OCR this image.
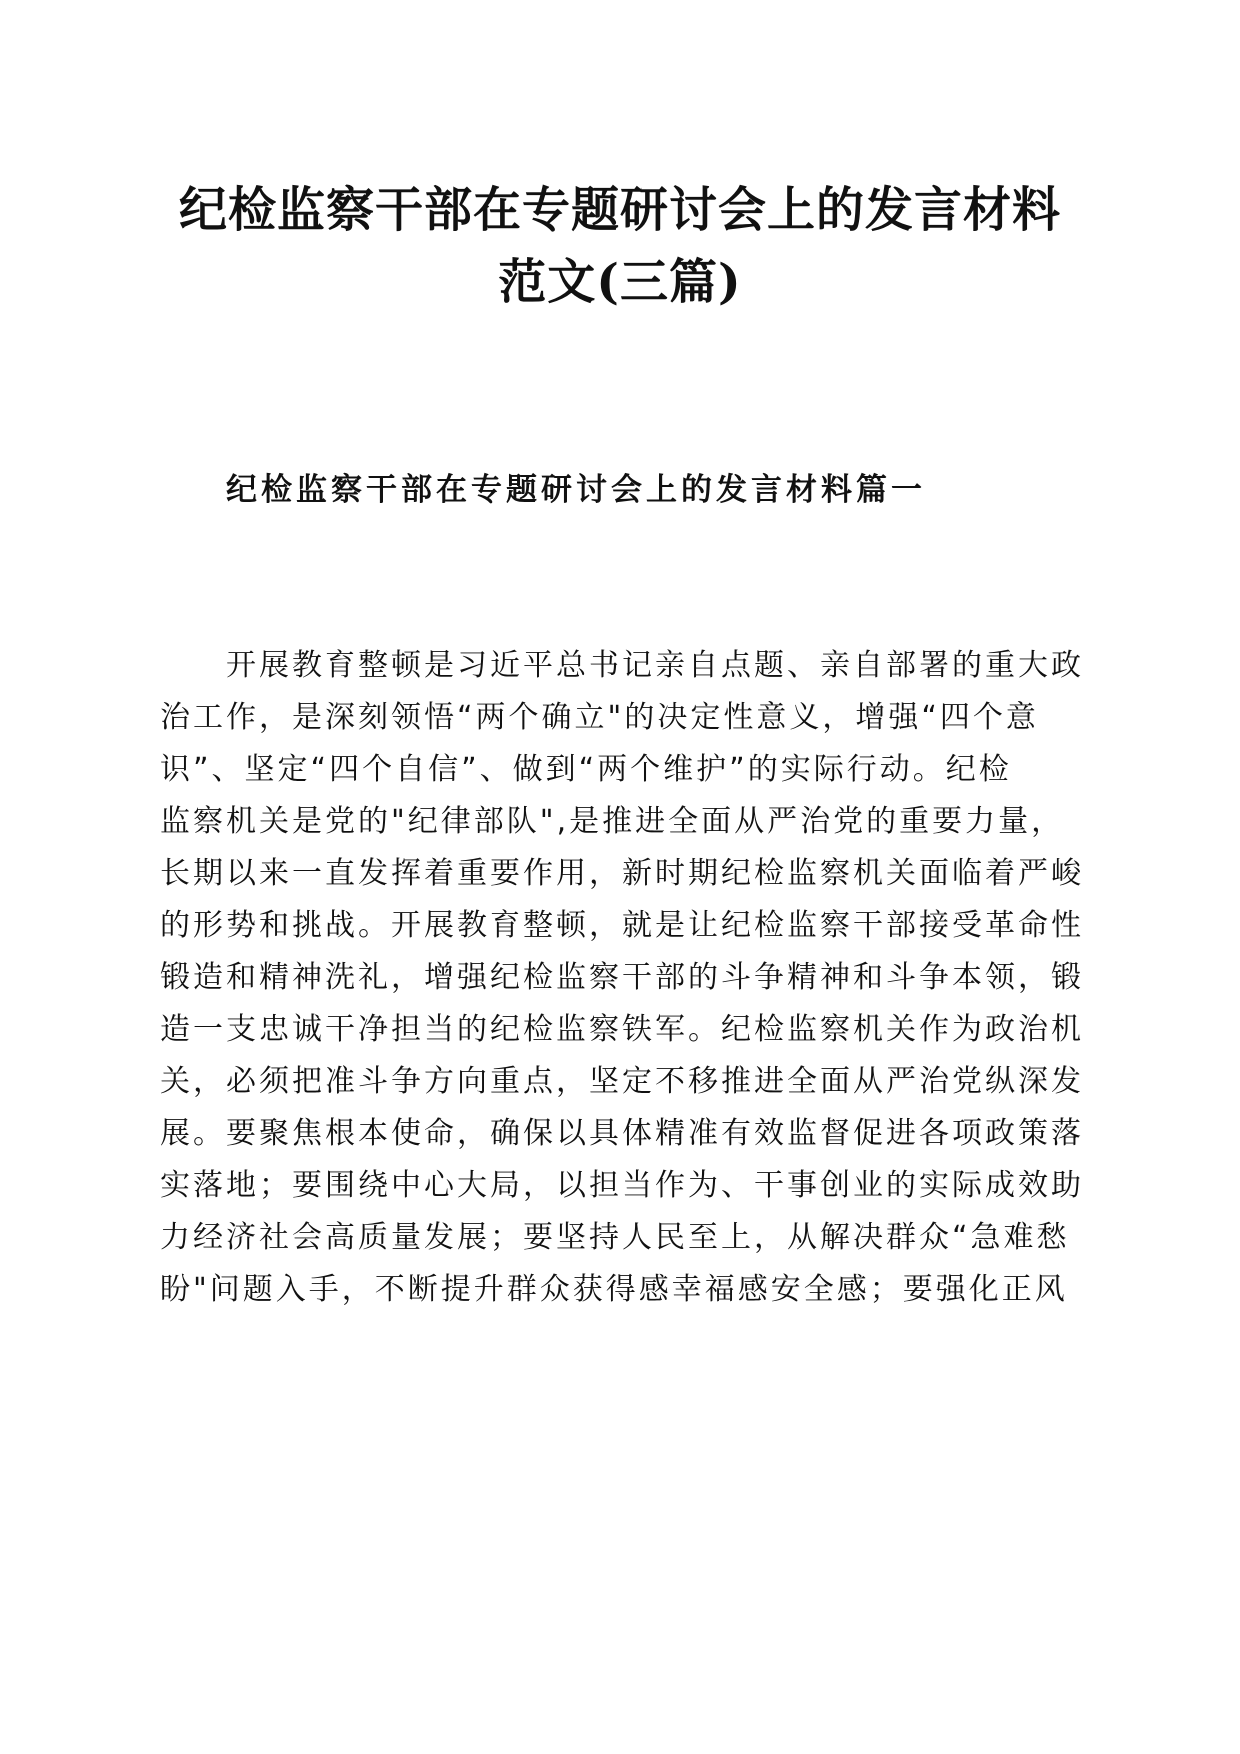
纪检监察干部在专题研讨会上的发言材料
范文(三篇)
纪检监察干部在专题研讨会上的发言材料篇一
开展教育整顿是习近平总书记亲自点题、亲自部署的重大政
治工作，是深刻领悟“两个确立"的决定性意义，增强“四个意
识”、坚定“四个自信”、做到“两个维护”的实际行动。纪检
监察机关是党的"纪律部队",是推进全面从严治党的重要力量，
长期以来一直发挥着重要作用，新时期纪检监察机关面临着严峻
的形势和挑战。开展教育整顿，就是让纪检监察干部接受革命性
锻造和精神洗礼，增强纪检监察干部的斗争精神和斗争本领，锻
造一支忠诚干净担当的纪检监察铁军。纪检监察机关作为政治机
关，必须把准斗争方向重点，坚定不移推进全面从严治党纵深发
展。要聚焦根本使命，确保以具体精准有效监督促进各项政策落
实落地；要围绕中心大局，以担当作为、干事创业的实际成效助
力经济社会高质量发展；要坚持人民至上，从解决群众“急难愁
盼"问题入手，不断提升群众获得感幸福感安全感；要强化正风
